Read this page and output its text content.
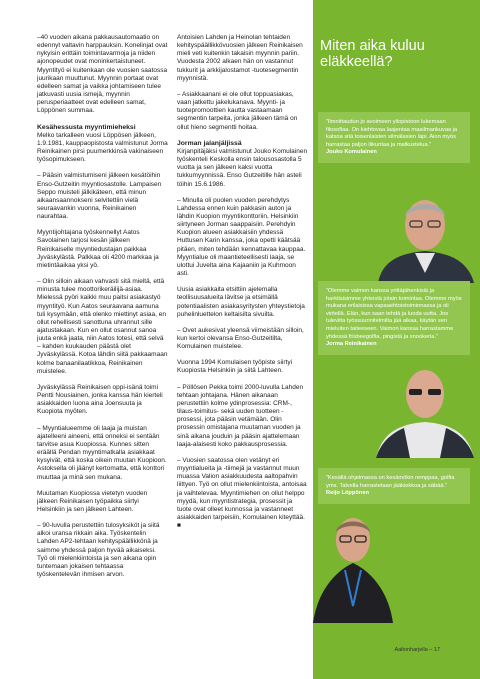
–40 vuoden aikana pakkausautomaatio on edennyt valtavin harppauksin. Konelinjat ovat nykyisin erittäin toimintavarmoja ja niiden ajonopeudet ovat moninkertaistuneet. Myyntityö ei kuitenkaan ole vuosien saatossa juurikaan muuttunut. Myynnin portaat ovat edelleen samat ja vaikka johtamiseen tulee jatkuvasti uusia ismejä, myynnin perusperiaatteet ovat edelleen samat, Löppönen summaa.

Kesähessusta myyntimieheksi

Melko tarkalleen vuosi Löppösen jälkeen, 1.9.1981, kauppaopistosta valmistunut Jorma Reinikainen pirsi puumerkkinsä vakinaiseen työsopimukseen.

– Pääsin valmistumiseni jälkeen kesätöihin Enso-Gutzeitin myyntiosastolle. Lampaisen Seppo muisteli jälkikäteen, että minun aikaansaannokseni selvitettiin vielä seuraavankin vuonna, Reinikainen naurahtaa.

Myyntijohtajana työskennellyt Aatos Savolainen tarjosi kesän jälkeen Reinikaiselle myyntiedustajan paikkaa Jyväskylästä. Palkkaa oli 4200 markkaa ja mietintäaikaa yksi yö.

– Olin silloin aikaan vahvasti sitä mieltä, että minusta tulee moottorikeräilijä-asiaa. Mielessä pyöri kaikki muu paitsi asiakastyö myyntityö. Kun Aatos seuraavana aamuna tuli kysymään, että olenko miettinyt asiaa, en ollut rehellisesti sanottuna uhrannut sille ajatustakaan. Kun en ollut osannut sanoa juuta enkä jaata, niin Aatos totesi, että selvä – kahden kuukauden päästä olet Jyväskylässä. Kotoa lähdin siitä pakkaamaan kolme banaanilaatikkoa, Reinikainen muistelee.

Jyväskylässä Reinikaisen oppi-isänä toimi Pentti Nousiainen, jonka kanssa hän kierteli asiakkaiden luona aina Joensuuta ja Kuopiota myöten.

– Myyntialueemme oli laaja ja muistan ajatelleeni aineeni, että onneksi ei sentään tarvitse asua Kuopiossa. Kunnes sitten eräällä Pendan myyntimatkalla asiakkaat kysyivät, että koska oikein muutan Kuopioon. Astoksella oli jäänyt kertomatta, että konttori muuttaa ja minä sen mukana.

Muutaman Kuopiossa vietetyn vuoden jälkeen Reinikaisen työpaikka siirtyi Helsinkiin ja sen jälkeen Lahteen.

– 90-luvulla perustettiin tulosyksiköt ja siitä alkoi uransa rikkain aika. Työskentelin Lahden AP2-tehtaan kehityspäällikkönä ja saimme yhdessä paljon hyvää aikaiseksi. Työ oli mielenkiintoista ja sen aikana opin tuntemaan jokaisen tehtaassa työskentelevän ihmisen arvon.

Antoisien Lahden ja Heinolan tehtaiden kehityspäällikkövuosien jälkeen Reinikaisen mieli veti kuitenkin takaisin myynnin pariin. Vuodesta 2002 alkaen hän on vastannut tukkurit ja arkkijalostamot -tuotesegmentin myynnistä.

– Asiakkaanani ei ole ollut toppuasiakas, vaan jatkettu jakelukanava. Myynti- ja tuotepromoottien kautta vastaamaan segmentin tarpeita, jonka jälkeen tämä on ollut hieno segmentti hoitaa.

Jorman jalanjäljissä

Kirjanpitäjäksi valmistunut Jouko Komulainen työskenteli Keskolla ensin talousosastolla 5 vuotta ja sen jälkeen kaksi vuotta tukkumyynnissä. Enso Gutzeitille hän asteli töihin 15.6.1986.

– Minulla oli puolen vuoden perehdytys Lahdessa ennen kuin pakkasin auton ja lähdin Kuopion myyntikonttoriin, Helsinkiin siirtyneen Jorman saappaisiin. Perehdyin Kuopion alueen asiakkaisiin yhdessä Huttusen Karin kanssa, joka opetti käätsää pitäen, miten tehdään kennattavaa kauppaa. Myyntialue oli maantieteellisesti laaja, se ulottui Juvelta aina Kajaaniin ja Kuhmoon asti.

Uusia asiakkaita etsittiin ajelemalla teollisuusalueita lävitse ja etsimällä potentiaalisten asiakasyritysten yhteystietoja puhelinluettelon keltaisilta sivuilta.

– Ovet aukesivat yleensä viimeistään silloin, kun kertoi olevansa Enso-Gutzeitilta, Komulainen muistelee.

Vuonna 1994 Komulaisen työpiste siirtyi Kuopiosta Helsinkiin ja siitä Lahteen.

– Pöllösen Pekka toimi 2000-luvulla Lahden tehtaan johtajana. Hänen aikanaan perustettiin kolme ydinprosessia: CRM-, tilaus-toimitus- sekä uuden tuotteen -prosessi, jota pääsin vetämään. Olin prosessin omistajana muutaman vuoden ja sinä aikana jouduin ja pääsin ajattelemaan laaja-alaisesti koko pakkausprosessia.

– Vuosien saatossa olen vetänyt eri myyntialueita ja -tiimejä ja vastannut muun muassa Valion asiakkuudesta aaltopahvin liittyen. Työ on ollut mielenkiintoista, antoisaa ja vaihtelevaa. Myyntimiehen on ollut helppo myydä, kun myyntistrategia, prosessit ja tuote ovat olleet kunnossa ja vastanneet asiakkaiden tarpeisiin, Komulainen kiteyttää. ■

Miten aika kuluu eläkkeellä?
”Ilmoittaudun jo avoimeen yliopistoon lukemaan filosofiaa. On kiehtovaa laajentaa maailmankuvaa ja katsoa sitä toisenlaisten silmälasien läpi. Aion myös harrastaa paljon liikuntaa ja matkustelua.”
Jouko Komulainen
”Olemme vaimon kanssa yrittäjähenkisiä ja harkitsisimme yhteistä jotain toimintaa. Olemme myös mukana erilaisissa vapaaehtoistoiminnassa ja oli viritellä. Elän, kun saan tehdä ja luoda uutta. Jos tulevilta työssuunnitelmilta jää aikaa, käytän sen mieluiten taiteeseen. Vaimon kanssa harrastamme yhdessä frisbeegolfia, pingistä ja snookeria.”
Jorma Reinikainen
”Kesällä ohjelmassa on kesämökin remppaa, golfia yms. Talvella harrastetaan jääkiekkoa ja säbää.”
Reijo Löppönen
Aaltonharjella – 17
